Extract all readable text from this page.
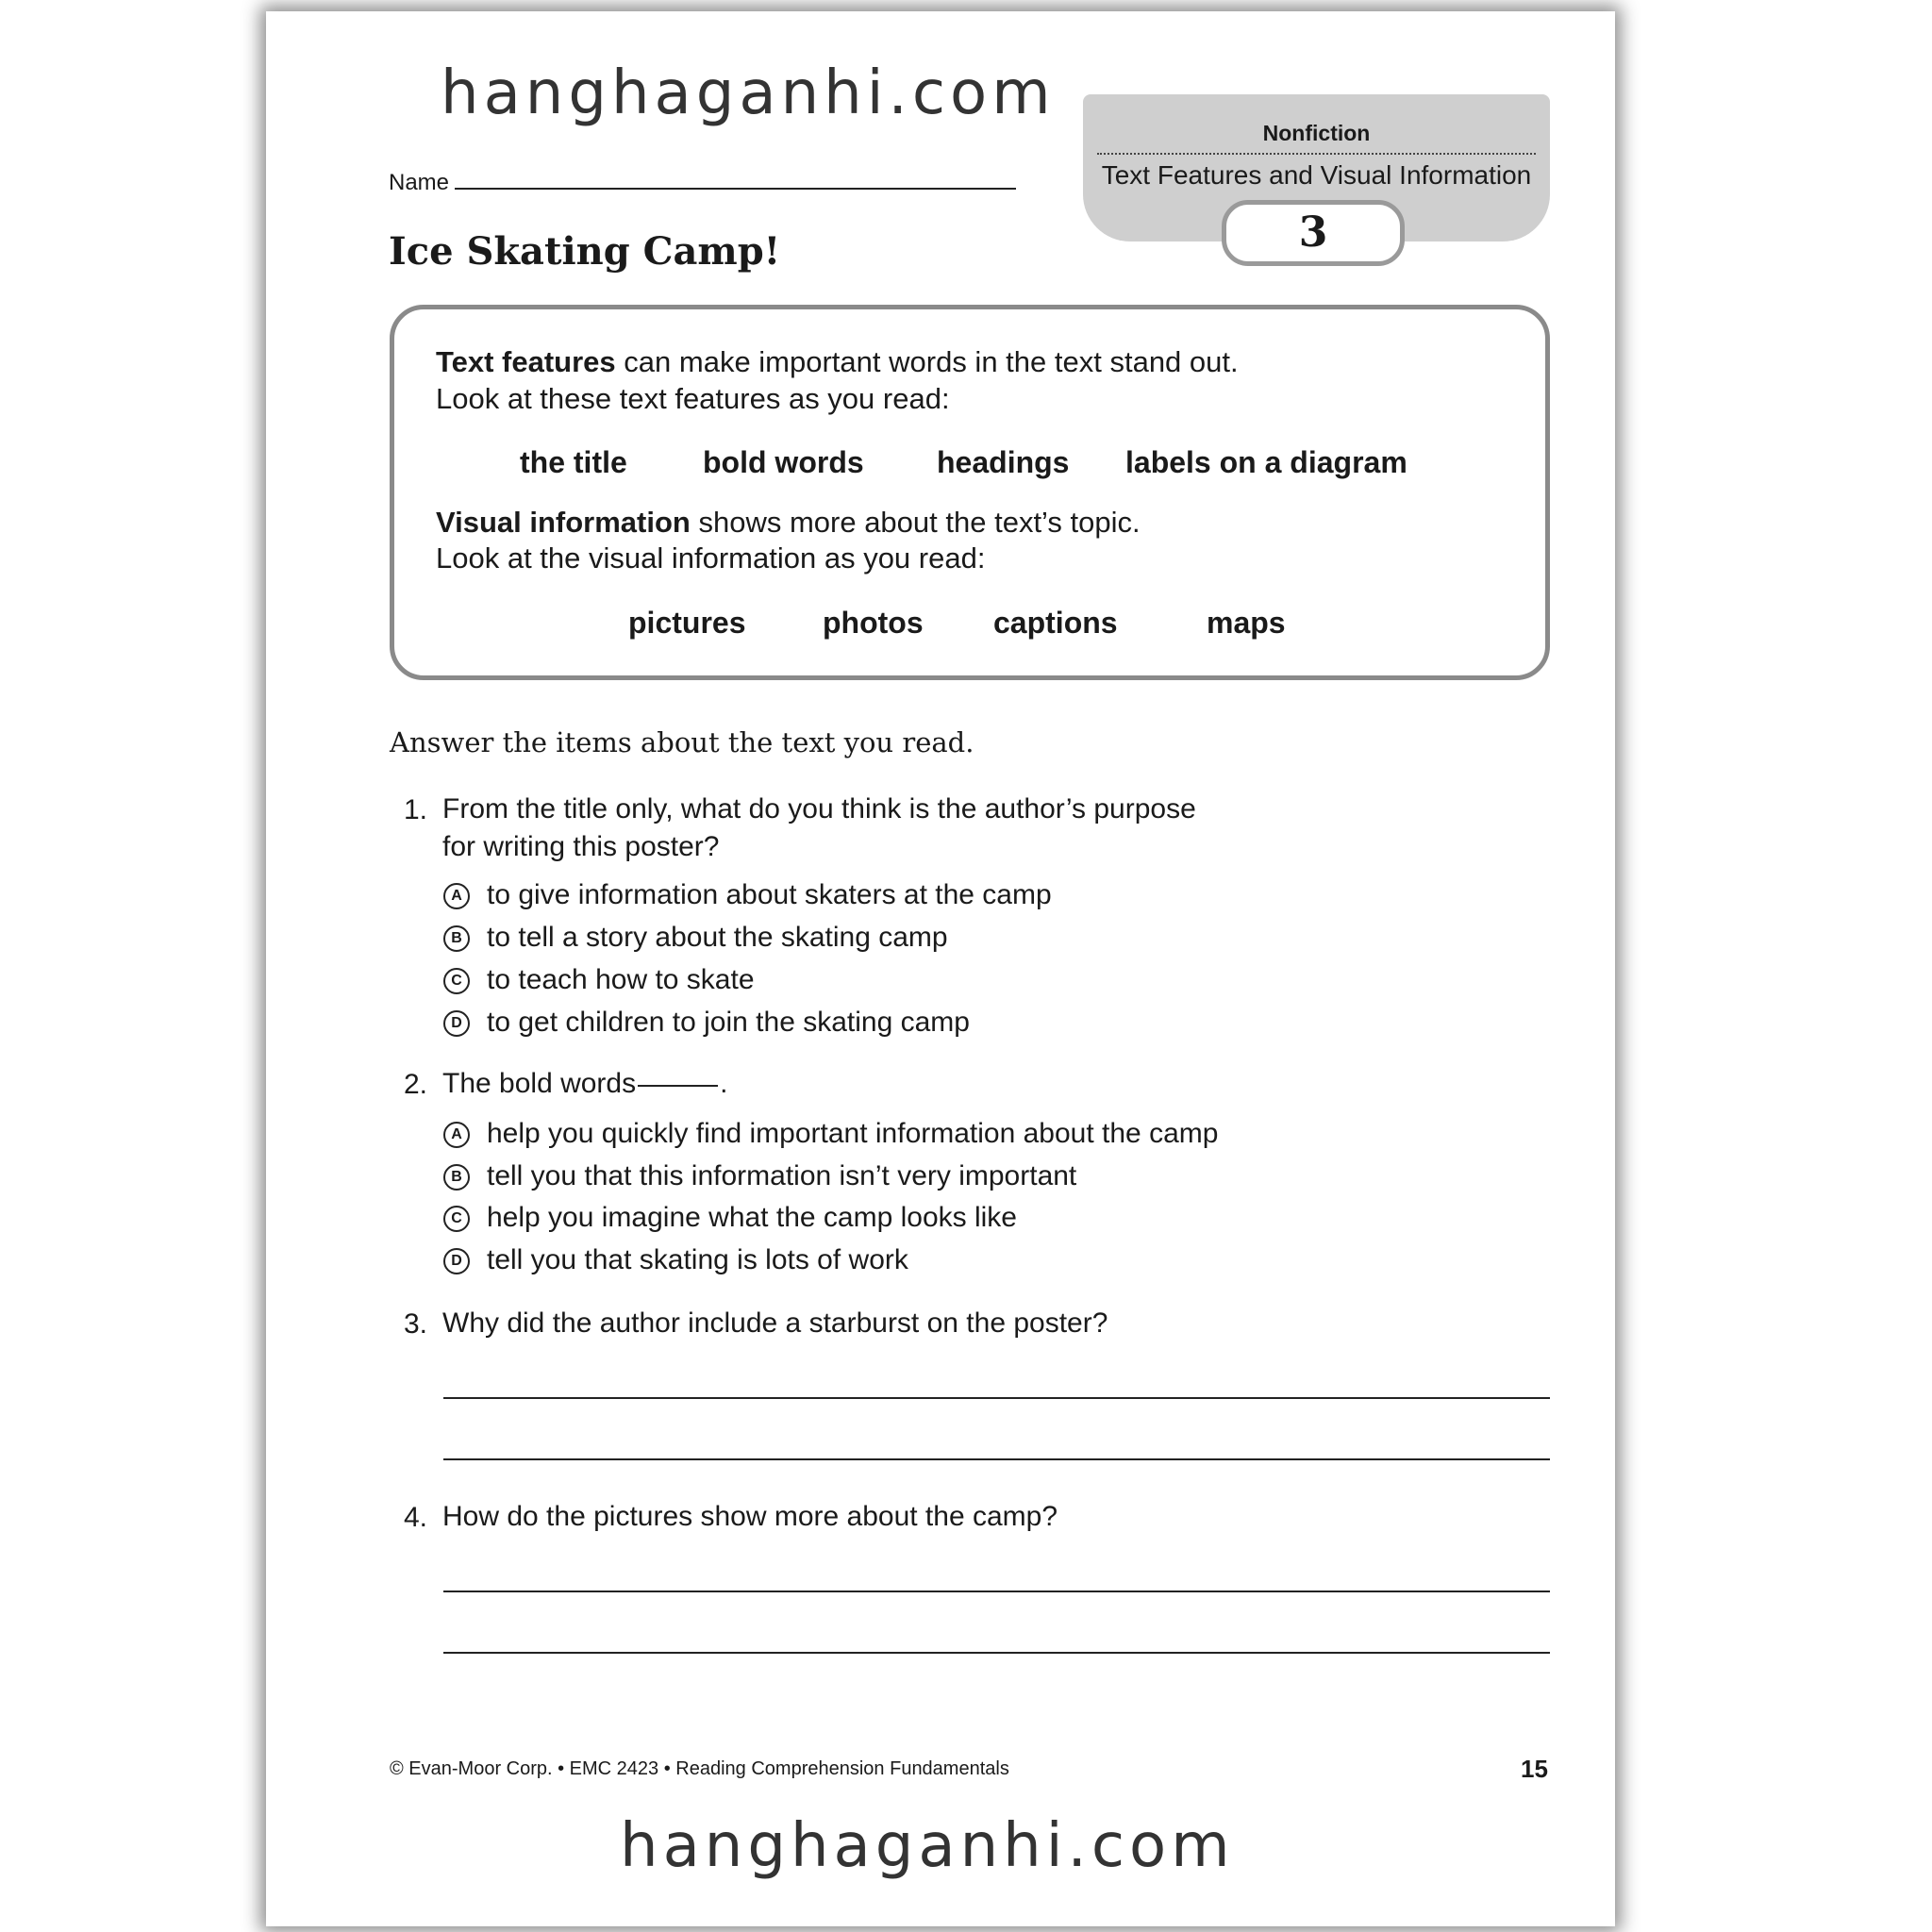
hanghaganhi.com
Name
Nonfiction
Text Features and Visual Information
3
Ice Skating Camp!
Text features can make important words in the text stand out.
Look at these text features as you read:
the title	bold words headings labels on a diagram
Visual information shows more about the text’s topic.
Look at the visual information as you read:
pictures	photos captions	maps
Answer the items about the text you read.
1. From the title only, what do you think is the author’s purpose
for writing this poster?
A to give information about skaters at the camp
B to tell a story about the skating camp
C to teach how to skate
D to get children to join the skating camp
2. The bold words	.
A help you quickly find important information about the camp
B tell you that this information isn’t very important
C help you imagine what the camp looks like
D tell you that skating is lots of work
3. Why did the author include a starburst on the poster?
4. How do the pictures show more about the camp?
© Evan-Moor Corp. • EMC 2423 • Reading Comprehension Fundamentals	15
hanghaganhi.com
